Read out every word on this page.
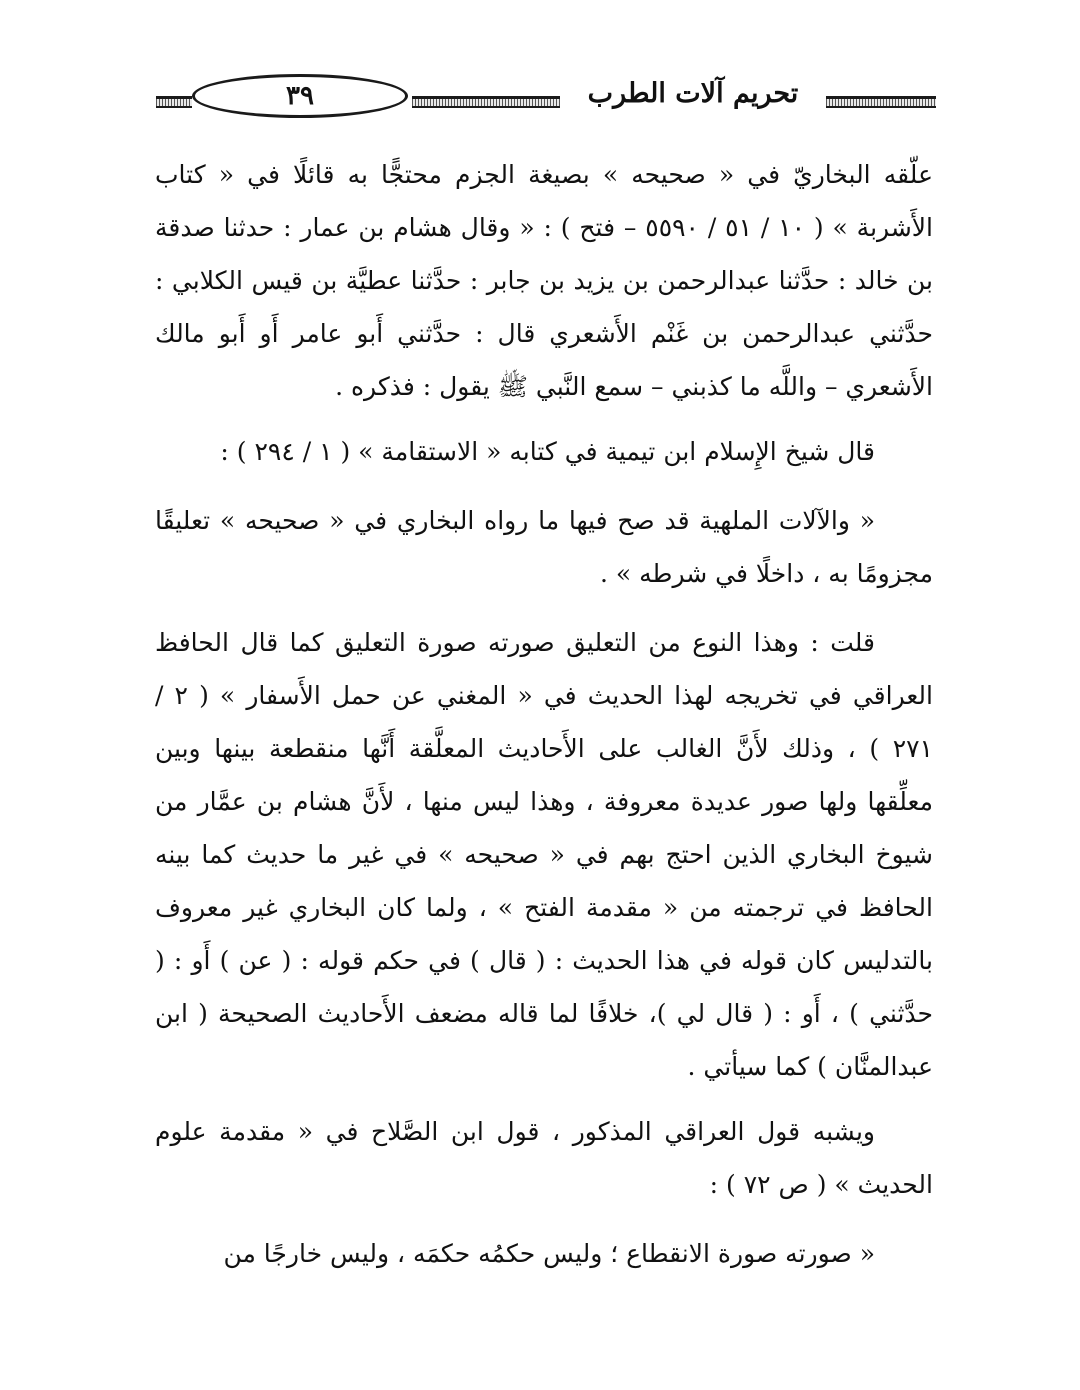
٣٩	تحريم آلات الطرب

علّقه البخاريّ في « صحيحه » بصيغة الجزم محتجًّا به قائلًا في « كتاب الأَشربة » ( ١٠ / ٥١ / ٥٥٩٠ – فتح ) : « وقال هشام بن عمار : حدثنا صدقة بن خالد : حدَّثنا عبدالرحمن بن يزيد بن جابر : حدَّثنا عطيَّة بن قيس الكلابي : حدَّثني عبدالرحمن بن غَنْم الأَشعري قال : حدَّثني أَبو عامر أَو أَبو مالك الأَشعري – واللَّه ما كذبني – سمع النَّبي ﷺ يقول : فذكره .

قال شيخ الإِسلام ابن تيمية في كتابه « الاستقامة » ( ١ / ٢٩٤ ) :

« والآلات الملهية قد صح فيها ما رواه البخاري في « صحيحه » تعليقًا مجزومًا به ، داخلًا في شرطه » .

قلت : وهذا النوع من التعليق صورته صورة التعليق كما قال الحافظ العراقي في تخريجه لهذا الحديث في « المغني عن حمل الأَسفار » ( ٢ / ٢٧١ ) ، وذلك لأَنَّ الغالب على الأَحاديث المعلَّقة أَنَّها منقطعة بينها وبين معلِّقها ولها صور عديدة معروفة ، وهذا ليس منها ، لأَنَّ هشام بن عمَّار من شيوخ البخاري الذين احتج بهم في « صحيحه » في غير ما حديث كما بينه الحافظ في ترجمته من « مقدمة الفتح » ، ولما كان البخاري غير معروف بالتدليس كان قوله في هذا الحديث : ( قال ) في حكم قوله : ( عن ) أَو : ( حدَّثني ) ، أَو : ( قال لي )، خلافًا لما قاله مضعف الأَحاديث الصحيحة ( ابن عبدالمنَّان ) كما سيأتي .

ويشبه قول العراقي المذكور ، قول ابن الصَّلاح في « مقدمة علوم الحديث » ( ص ٧٢ ) :

« صورته صورة الانقطاع ؛ وليس حكمُه حكمَه ، وليس خارجًا من
